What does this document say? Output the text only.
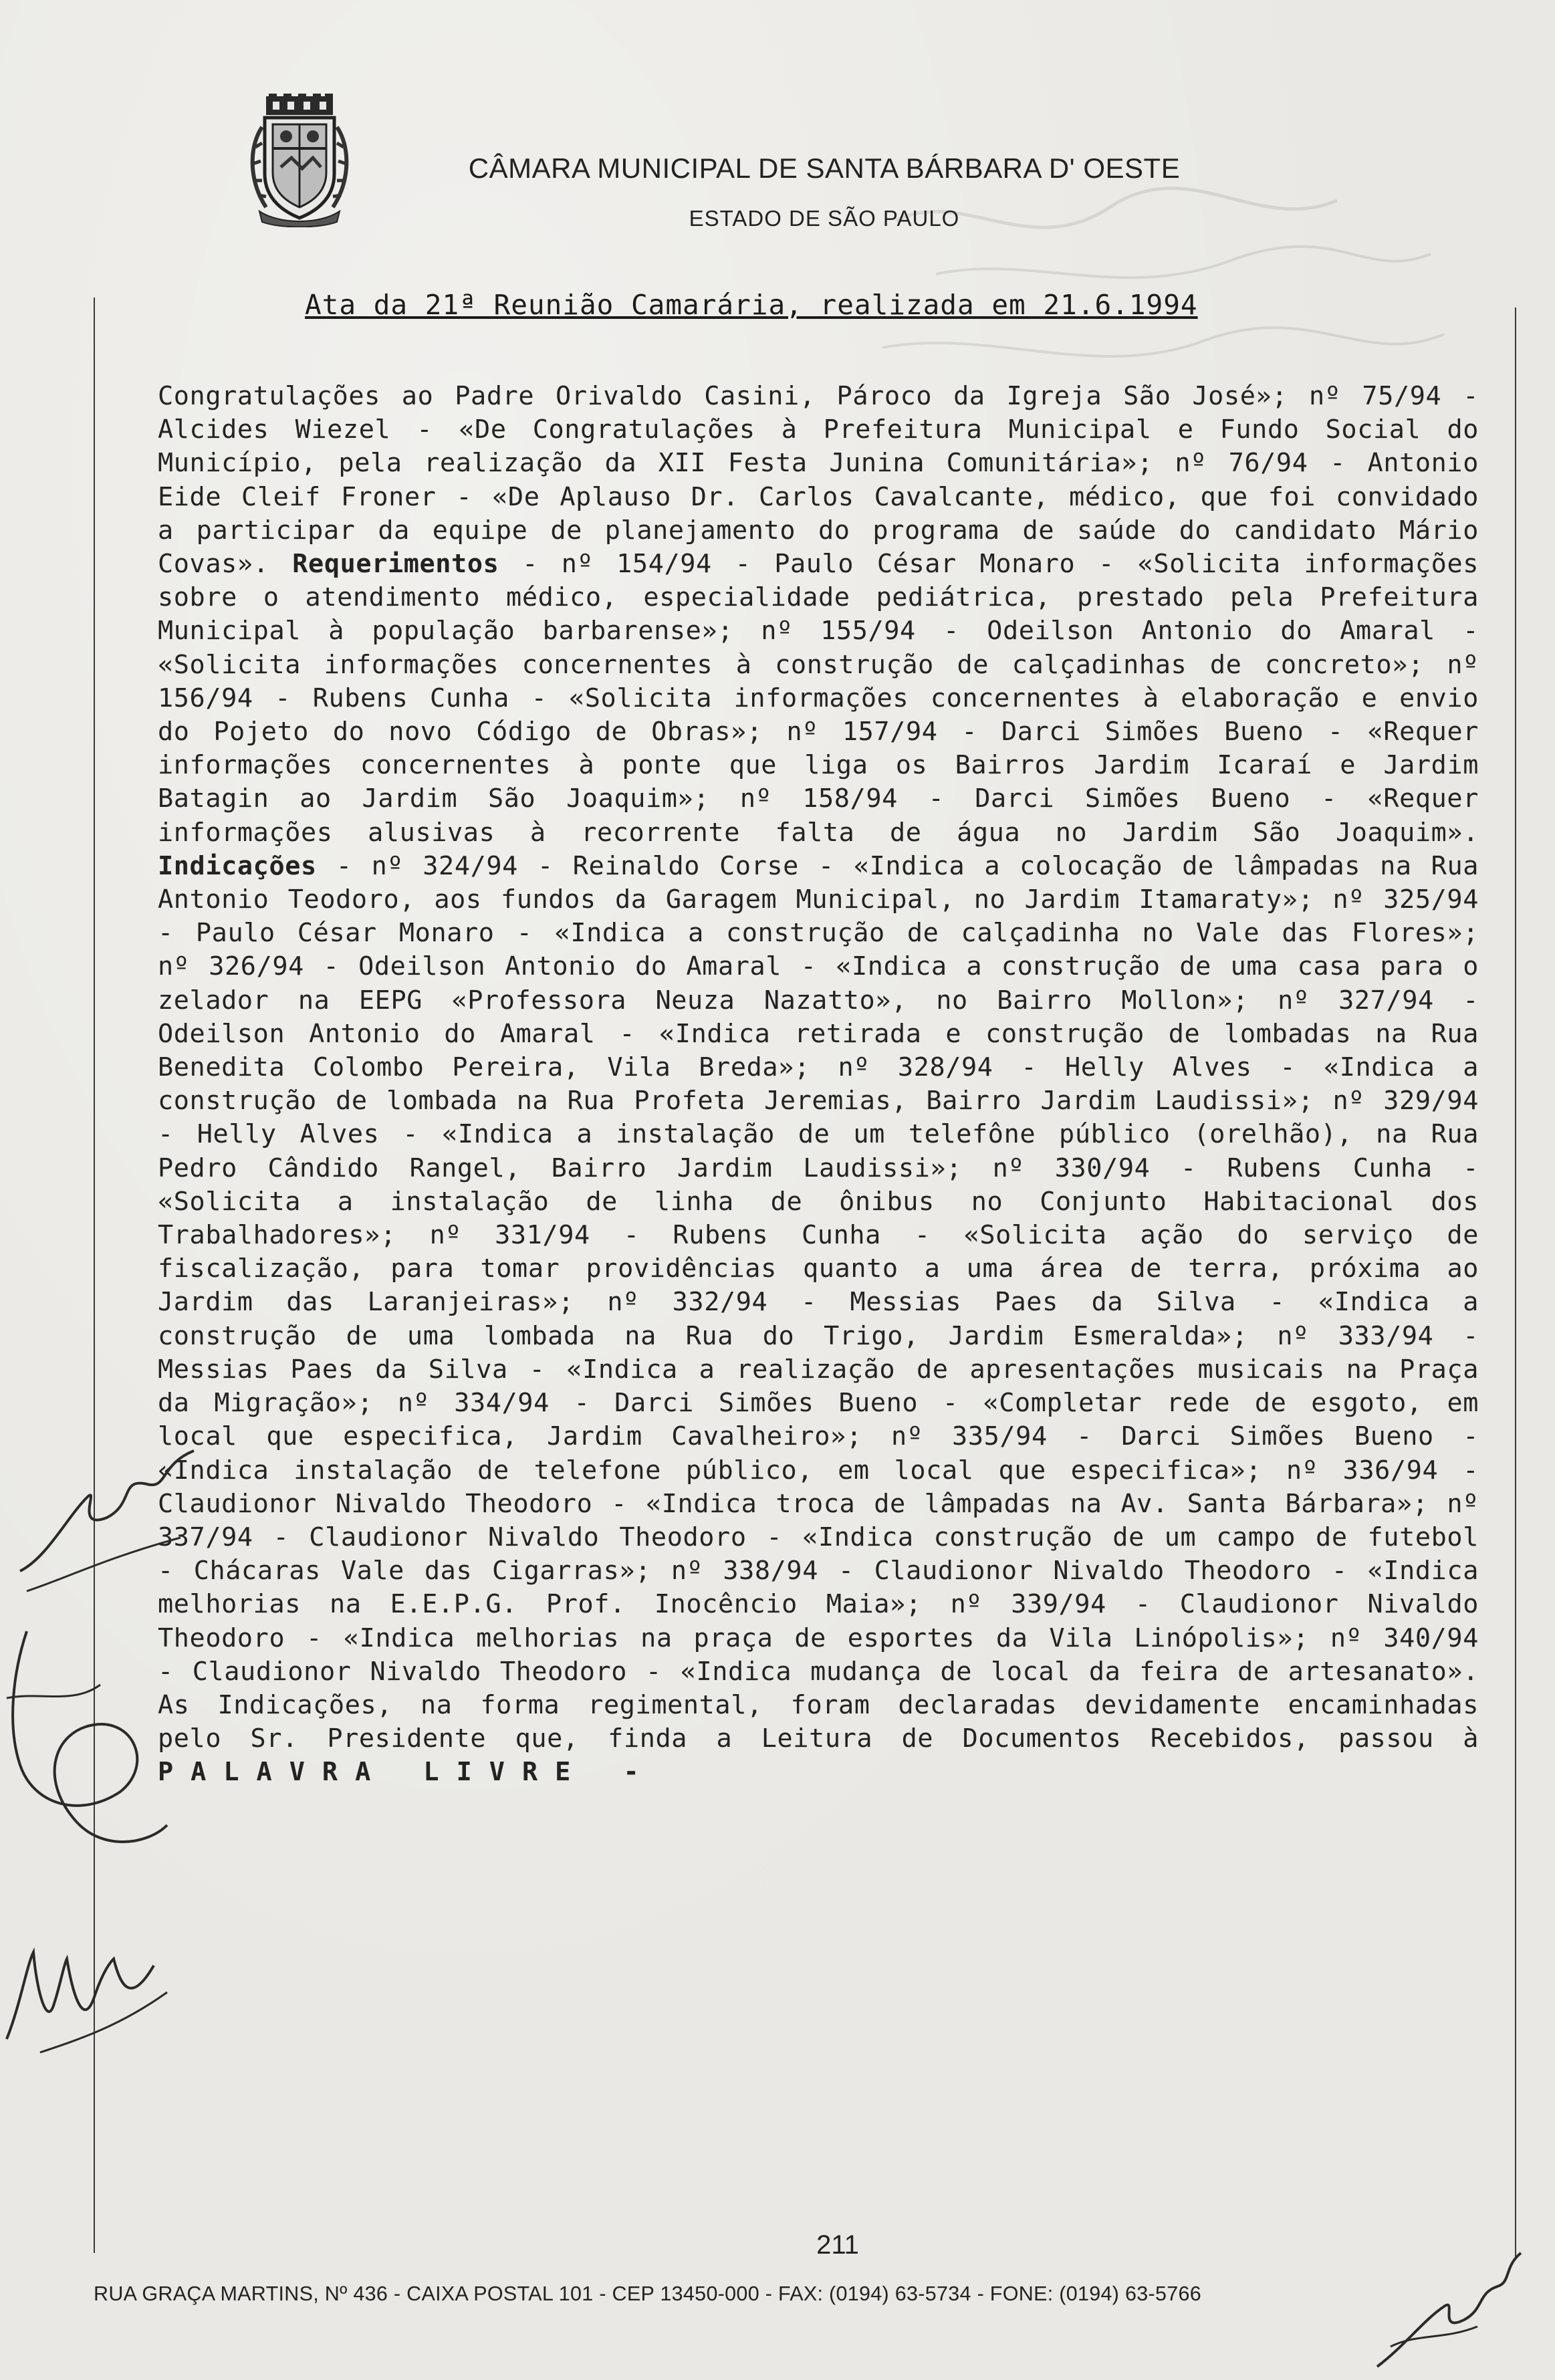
CÂMARA MUNICIPAL DE SANTA BÁRBARA D' OESTE
ESTADO DE SÃO PAULO
Ata da 21ª Reunião Camarária, realizada em 21.6.1994
Congratulações ao Padre Orivaldo Casini, Pároco da Igreja São José»; nº 75/94 - Alcides Wiezel - «De Congratulações à Prefeitura Municipal e Fundo Social do Município, pela realização da XII Festa Junina Comunitária»; nº 76/94 - Antonio Eide Cleif Froner - «De Aplauso Dr. Carlos Cavalcante, médico, que foi convidado a participar da equipe de planejamento do programa de saúde do candidato Mário Covas». Requerimentos - nº 154/94 - Paulo César Monaro - «Solicita informações sobre o atendimento médico, especialidade pediátrica, prestado pela Prefeitura Municipal à população barbarense»; nº 155/94 - Odeilson Antonio do Amaral - «Solicita informações concernentes à construção de calçadinhas de concreto»; nº 156/94 - Rubens Cunha - «Solicita informações concernentes à elaboração e envio do Pojeto do novo Código de Obras»; nº 157/94 - Darci Simões Bueno - «Requer informações concernentes à ponte que liga os Bairros Jardim Icaraí e Jardim Batagin ao Jardim São Joaquim»; nº 158/94 - Darci Simões Bueno - «Requer informações alusivas à recorrente falta de água no Jardim São Joaquim». Indicações - nº 324/94 - Reinaldo Corse - «Indica a colocação de lâmpadas na Rua Antonio Teodoro, aos fundos da Garagem Municipal, no Jardim Itamaraty»; nº 325/94 - Paulo César Monaro - «Indica a construção de calçadinha no Vale das Flores»; nº 326/94 - Odeilson Antonio do Amaral - «Indica a construção de uma casa para o zelador na EEPG «Professora Neuza Nazatto», no Bairro Mollon»; nº 327/94 - Odeilson Antonio do Amaral - «Indica retirada e construção de lombadas na Rua Benedita Colombo Pereira, Vila Breda»; nº 328/94 - Helly Alves - «Indica a construção de lombada na Rua Profeta Jeremias, Bairro Jardim Laudissi»; nº 329/94 - Helly Alves - «Indica a instalação de um telefône público (orelhão), na Rua Pedro Cândido Rangel, Bairro Jardim Laudissi»; nº 330/94 - Rubens Cunha - «Solicita a instalação de linha de ônibus no Conjunto Habitacional dos Trabalhadores»; nº 331/94 - Rubens Cunha - «Solicita ação do serviço de fiscalização, para tomar providências quanto a uma área de terra, próxima ao Jardim das Laranjeiras»; nº 332/94 - Messias Paes da Silva - «Indica a construção de uma lombada na Rua do Trigo, Jardim Esmeralda»; nº 333/94 - Messias Paes da Silva - «Indica a realização de apresentações musicais na Praça da Migração»; nº 334/94 - Darci Simões Bueno - «Completar rede de esgoto, em local que especifica, Jardim Cavalheiro»; nº 335/94 - Darci Simões Bueno - «Indica instalação de telefone público, em local que especifica»; nº 336/94 - Claudionor Nivaldo Theodoro - «Indica troca de lâmpadas na Av. Santa Bárbara»; nº 337/94 - Claudionor Nivaldo Theodoro - «Indica construção de um campo de futebol - Chácaras Vale das Cigarras»; nº 338/94 - Claudionor Nivaldo Theodoro - «Indica melhorias na E.E.P.G. Prof. Inocêncio Maia»; nº 339/94 - Claudionor Nivaldo Theodoro - «Indica melhorias na praça de esportes da Vila Linópolis»; nº 340/94 - Claudionor Nivaldo Theodoro - «Indica mudança de local da feira de artesanato». As Indicações, na forma regimental, foram declaradas devidamente encaminhadas pelo Sr. Presidente que, finda a Leitura de Documentos Recebidos, passou à PALAVRA LIVRE -
211
RUA GRAÇA MARTINS, Nº 436 - CAIXA POSTAL 101 - CEP 13450-000 - FAX: (0194) 63-5734 - FONE: (0194) 63-5766
